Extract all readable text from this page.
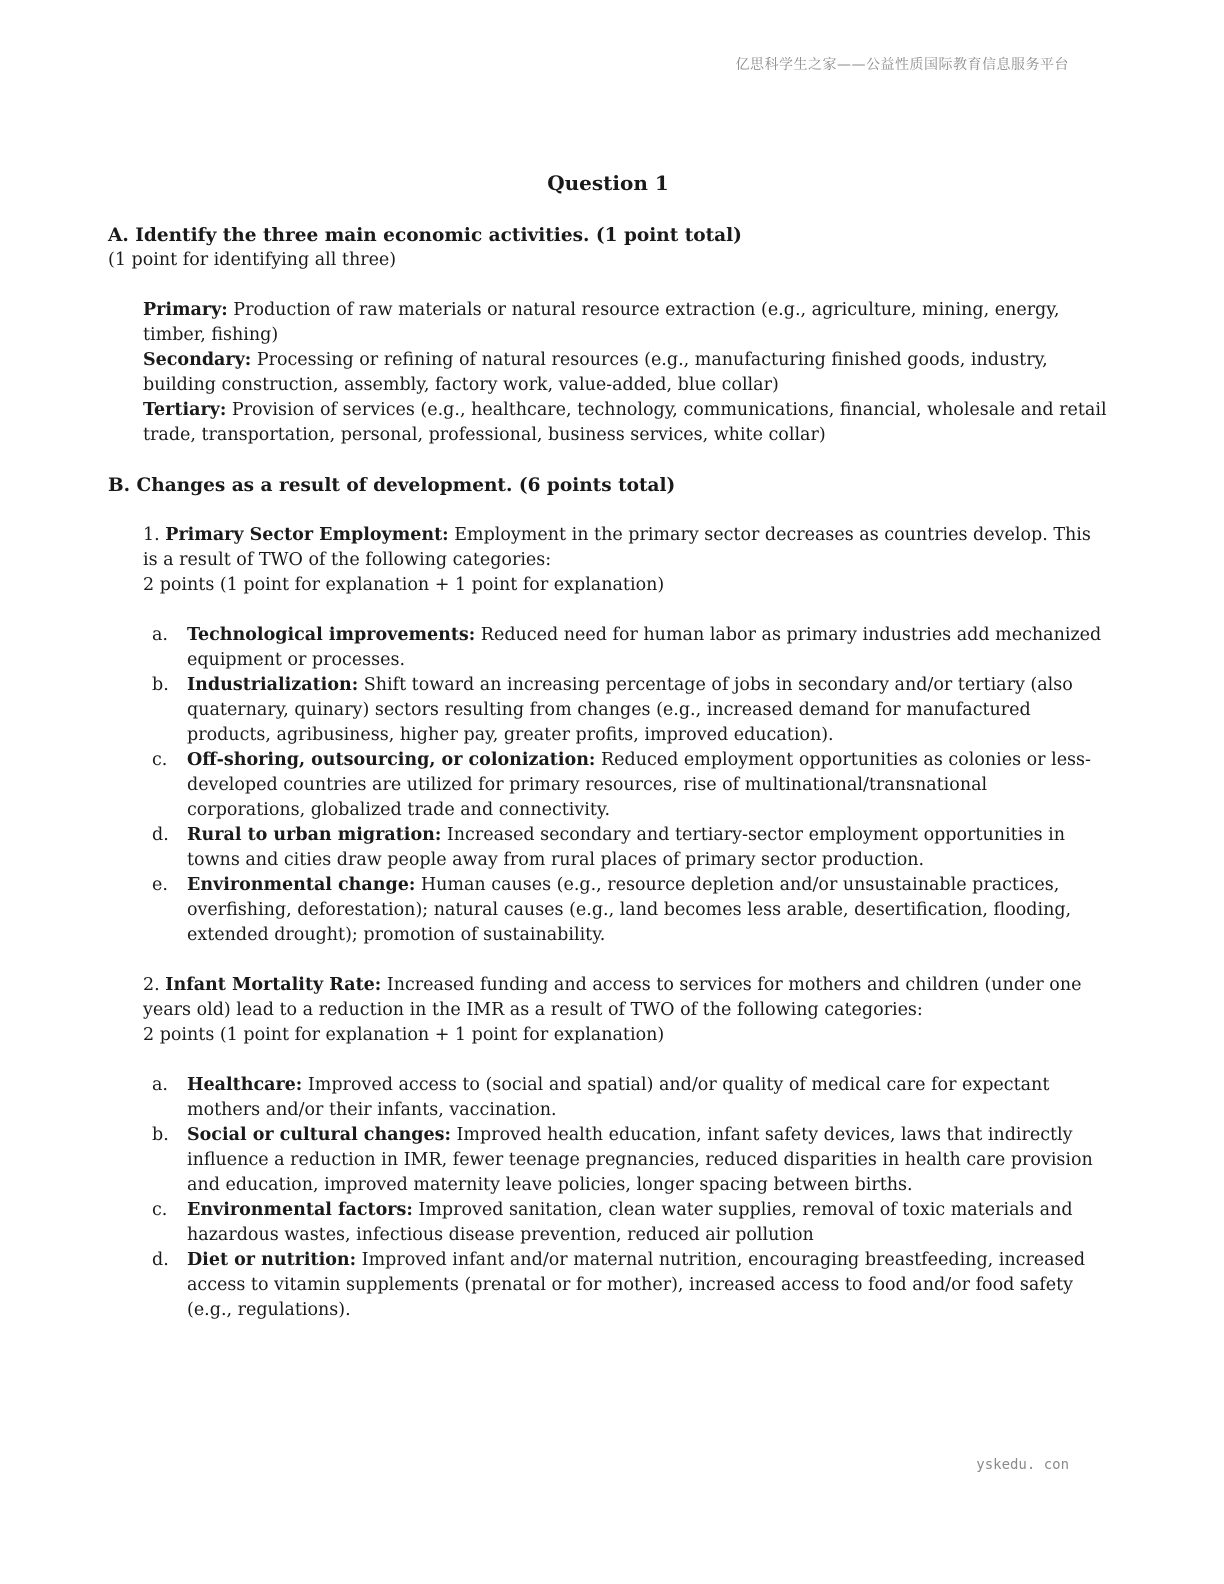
亿思科学生之家——公益性质国际教育信息服务平台
Question 1

A. Identify the three main economic activities. (1 point total)

(1 point for identifying all three)

Primary: Production of raw materials or natural resource extraction (e.g., agriculture, mining, energy, timber, fishing)

Secondary: Processing or refining of natural resources (e.g., manufacturing finished goods, industry, building construction, assembly, factory work, value-added, blue collar)

Tertiary: Provision of services (e.g., healthcare, technology, communications, financial, wholesale and retail trade, transportation, personal, professional, business services, white collar)

B. Changes as a result of development. (6 points total)

1. Primary Sector Employment: Employment in the primary sector decreases as countries develop. This is a result of TWO of the following categories:

2 points (1 point for explanation + 1 point for explanation)

a. Technological improvements: Reduced need for human labor as primary industries add mechanized equipment or processes.
b. Industrialization: Shift toward an increasing percentage of jobs in secondary and/or tertiary (also quaternary, quinary) sectors resulting from changes (e.g., increased demand for manufactured products, agribusiness, higher pay, greater profits, improved education).
c. Off-shoring, outsourcing, or colonization: Reduced employment opportunities as colonies or less-developed countries are utilized for primary resources, rise of multinational/transnational corporations, globalized trade and connectivity.
d. Rural to urban migration: Increased secondary and tertiary-sector employment opportunities in towns and cities draw people away from rural places of primary sector production.
e. Environmental change: Human causes (e.g., resource depletion and/or unsustainable practices, overfishing, deforestation); natural causes (e.g., land becomes less arable, desertification, flooding, extended drought); promotion of sustainability.

2. Infant Mortality Rate: Increased funding and access to services for mothers and children (under one years old) lead to a reduction in the IMR as a result of TWO of the following categories:

2 points (1 point for explanation + 1 point for explanation)

a. Healthcare: Improved access to (social and spatial) and/or quality of medical care for expectant mothers and/or their infants, vaccination.
b. Social or cultural changes: Improved health education, infant safety devices, laws that indirectly influence a reduction in IMR, fewer teenage pregnancies, reduced disparities in health care provision and education, improved maternity leave policies, longer spacing between births.
c. Environmental factors: Improved sanitation, clean water supplies, removal of toxic materials and hazardous wastes, infectious disease prevention, reduced air pollution
d. Diet or nutrition: Improved infant and/or maternal nutrition, encouraging breastfeeding, increased access to vitamin supplements (prenatal or for mother), increased access to food and/or food safety (e.g., regulations).
yskedu. con
